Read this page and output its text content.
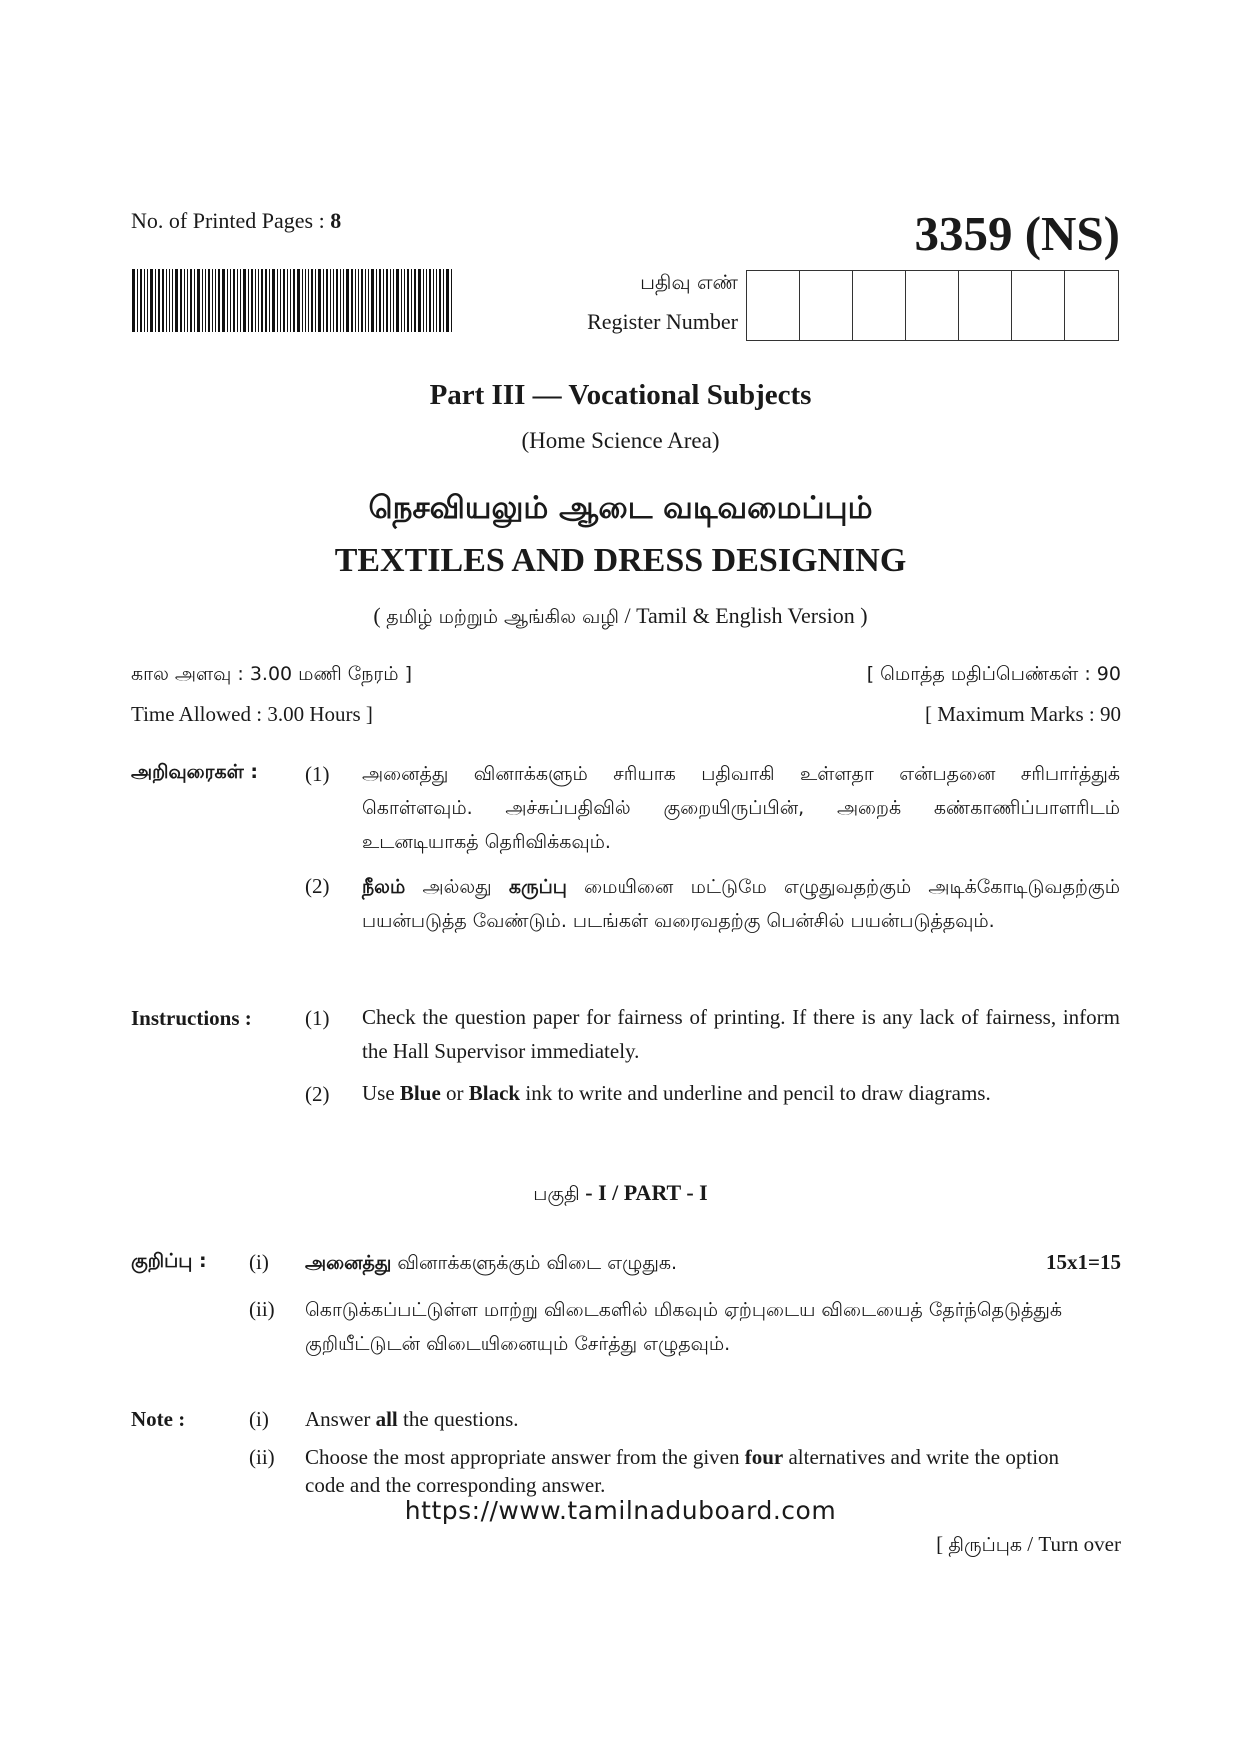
No. of Printed Pages : 8	3359 (NS)
பதிவு எண்
Register Number
Part III — Vocational Subjects
(Home Science Area)
நெசவியலும் ஆடை வடிவமைப்பும்
TEXTILES AND DRESS DESIGNING
( தமிழ் மற்றும் ஆங்கில வழி / Tamil & English Version )
கால அளவு : 3.00 மணி நேரம் ]	[ மொத்த மதிப்பெண்கள் : 90
Time Allowed : 3.00 Hours ]	[ Maximum Marks : 90
அறிவுரைகள் : (1) அனைத்து வினாக்களும் சரியாக பதிவாகி உள்ளதா என்பதனை சரிபார்த்துக் கொள்ளவும். அச்சுப்பதிவில் குறையிருப்பின், அறைக் கண்காணிப்பாளரிடம் உடனடியாகத் தெரிவிக்கவும்.
(2) நீலம் அல்லது கருப்பு மையினை மட்டுமே எழுதுவதற்கும் அடிக்கோடிடுவதற்கும் பயன்படுத்த வேண்டும். படங்கள் வரைவதற்கு பென்சில் பயன்படுத்தவும்.
Instructions :	(1) Check the question paper for fairness of printing. If there is any lack of fairness, inform the Hall Supervisor immediately.
(2) Use Blue or Black ink to write and underline and pencil to draw diagrams.
பகுதி - I / PART - I
குறிப்பு : (i) அனைத்து வினாக்களுக்கும் விடை எழுதுக.	15x1=15
(ii) கொடுக்கப்பட்டுள்ள மாற்று விடைகளில் மிகவும் ஏற்புடைய விடையைத் தேர்ந்தெடுத்துக் குறியீட்டுடன் விடையினையும் சேர்த்து எழுதவும்.
Note :	(i) Answer all the questions.
(ii) Choose the most appropriate answer from the given four alternatives and write the option code and the corresponding answer.
[ திருப்புக / Turn over
https://www.tamilnaduboard.com
